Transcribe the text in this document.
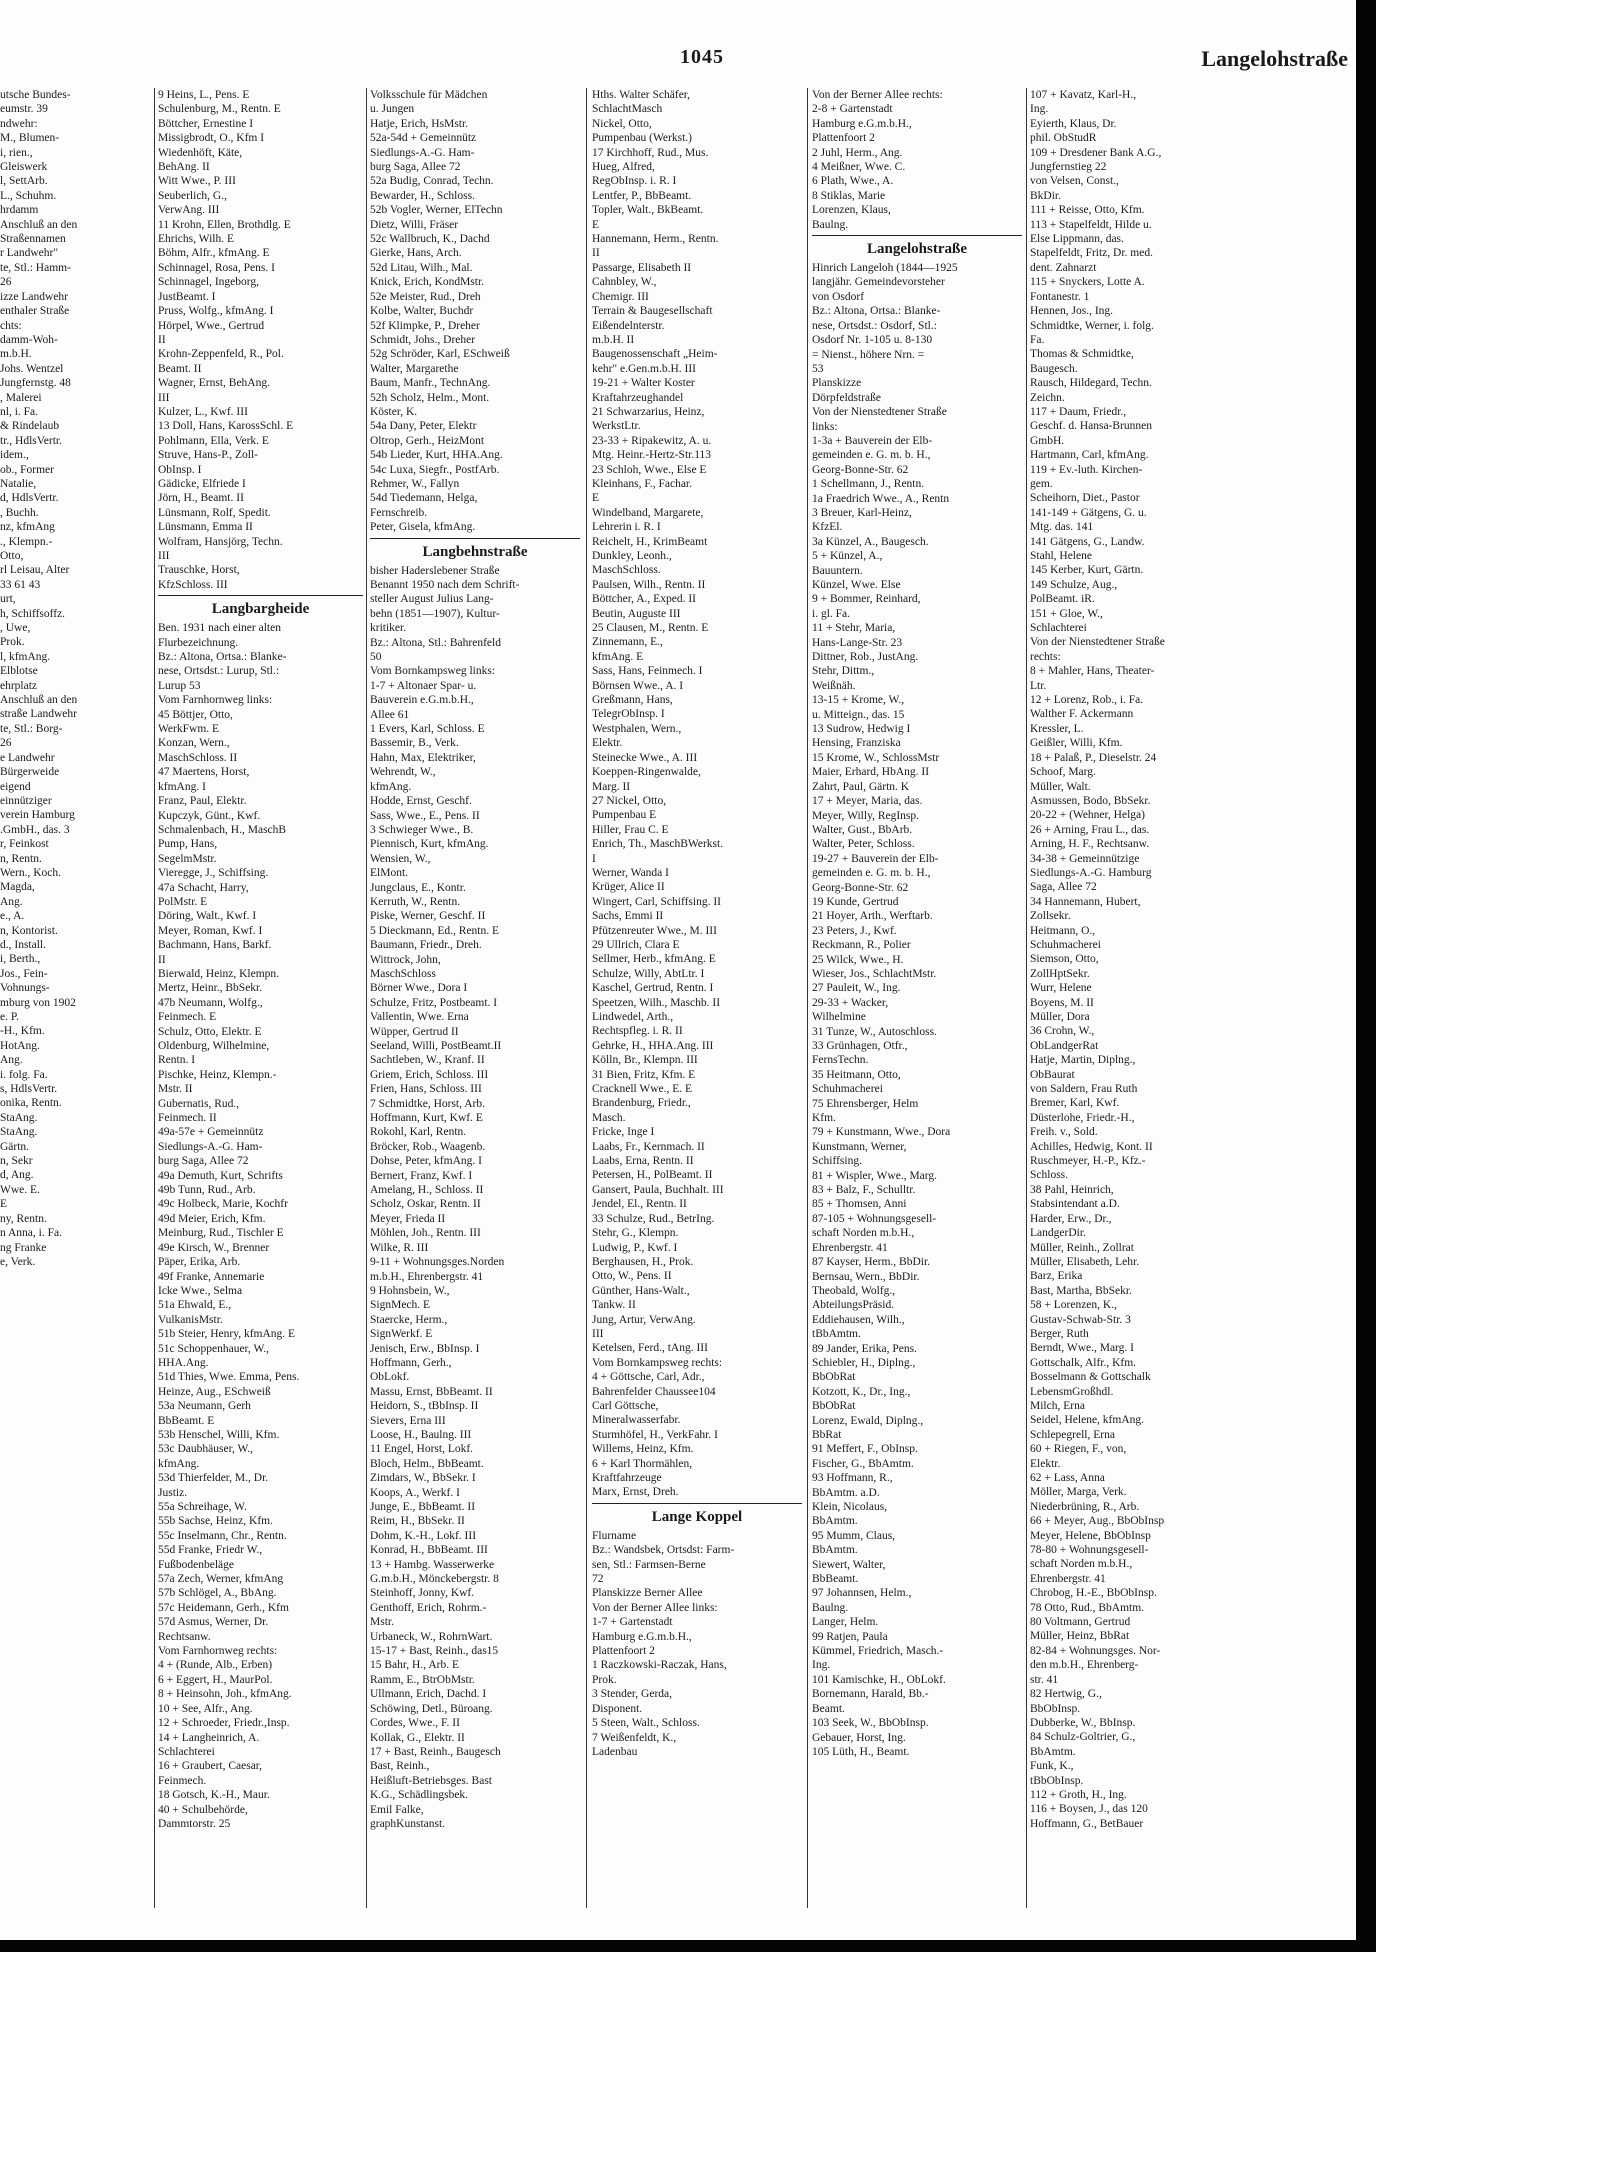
1045	Langelohstraße
utsche Bundes-
eumstr. 39
ndwehr:
M., Blumen-
i, rien.,
Gleiswerk
l, SettArb.
L., Schuhm.
hrdamm
Anschluß an den
Straßennamen
r Landwehr"
te, Stl.: Hamm-
26
izze Landwehr
enthaler Straße
chts:
damm-Woh-
m.b.H.
Johs. Wentzel
Jungfernstg. 48
, Malerei
nl, i. Fa.
& Rindelaub
tr., HdlsVertr.
idem.,
ob., Former
Natalie,
d, HdlsVertr.
, Buchh.
nz, kfmAng
., Klempn.-
Otto,
rl Leisau, Alter
33 61 43
urt,
h, Schiffsoffz.
, Uwe,
Prok.
l, kfmAng.
Elblotse
ehrplatz
Anschluß an den
straße Landwehr
te, Stl.: Borg-
26
e Landwehr
Bürgerweide
eigend
einnütziger
verein Hamburg
.GmbH., das. 3
r, Feinkost
n, Rentn.
Wern., Koch.
Magda,
Ang.
e., A.
n, Kontorist.
d., Install.
i, Berth.,
Jos., Fein-
Vohnungs-
mburg von 1902
e. P.
-H., Kfm.
HotAng.
Ang.
i. folg. Fa.
s, HdlsVertr.
onika, Rentn.
StaAng.
StaAng.
Gärtn.
n, Sekr
d, Ang.
Wwe. E.
E
ny, Rentn.
n Anna, i. Fa.
ng Franke
e, Verk.
9 Heins, L., Pens. E
Schulenburg, M., Rentn. E
Böttcher, Ernestine I
Missigbrodt, O., Kfm I
Wiedenhöft, Käte,
BehAng. II
Witt Wwe., P. III
Seuberlich, G.,
VerwAng. III
11 Krohn, Ellen, Brothdlg. E
Ehrichs, Wilh. E
Böhm, Alfr., kfmAng. E
Schinnagel, Rosa, Pens. I
Schinnagel, Ingeborg,
JustBeamt. I
Pruss, Wolfg., kfmAng. I
Hörpel, Wwe., Gertrud
II
Krohn-Zeppenfeld, R., Pol.
Beamt. II
Wagner, Ernst, BehAng.
III
Kulzer, L., Kwf. III
13 Doll, Hans, KarossSchl. E
Pohlmann, Ella, Verk. E
Struve, Hans-P., Zoll-
ObInsp. I
Gädicke, Elfriede I
Jörn, H., Beamt. II
Lünsmann, Rolf, Spedit.
Lünsmann, Emma II
Wolfram, Hansjörg, Techn.
III
Trauschke, Horst,
KfzSchloss. III
Langbargheide
Ben. 1931 nach einer alten
Flurbezeichnung.
Bz.: Altona, Ortsa.: Blanke-
nese, Ortsdst.: Lurup, Stl.:
Lurup 53
Vom Farnhornweg links:
45 Böttjer, Otto,
WerkFwm. E
Konzan, Wern.,
MaschSchloss. II
47 Maertens, Horst,
kfmAng. I
Franz, Paul, Elektr.
Kupczyk, Günt., Kwf.
Schmalenbach, H., MaschB
Pump, Hans,
SegelmMstr.
Vieregge, J., Schiffsing.
47a Schacht, Harry,
PolMstr. E
Döring, Walt., Kwf. I
Meyer, Roman, Kwf. I
Bachmann, Hans, Barkf.
II
Bierwald, Heinz, Klempn.
Mertz, Heinr., BbSekr.
47b Neumann, Wolfg.,
Feinmech. E
Schulz, Otto, Elektr. E
Oldenburg, Wilhelmine,
Rentn. I
Pischke, Heinz, Klempn.-
Mstr. II
Gubernatis, Rud.,
Feinmech. II
49a-57e + Gemeinnütz
Siedlungs-A.-G. Ham-
burg Saga, Allee 72
49a Demuth, Kurt, Schrifts
49b Tunn, Rud., Arb.
49c Holbeck, Marie, Kochfr
49d Meier, Erich, Kfm.
Meinburg, Rud., Tischler E
49e Kirsch, W., Brenner
Päper, Erika, Arb.
49f Franke, Annemarie
Icke Wwe., Selma
51a Ehwald, E.,
VulkanisMstr.
51b Steier, Henry, kfmAng. E
51c Schoppenhauer, W.,
HHA.Ang.
51d Thies, Wwe. Emma, Pens.
Heinze, Aug., ESchweiß
53a Neumann, Gerh
BbBeamt. E
53b Henschel, Willi, Kfm.
53c Daubhäuser, W.,
kfmAng.
53d Thierfelder, M., Dr.
Justiz.
55a Schreihage, W.
55b Sachse, Heinz, Kfm.
55c Inselmann, Chr., Rentn.
55d Franke, Friedr W.,
Fußbodenbeläge
57a Zech, Werner, kfmAng
57b Schlögel, A., BbAng.
57c Heidemann, Gerh., Kfm
57d Asmus, Werner, Dr.
Rechtsanw.
Vom Farnhornweg rechts:
4 + (Runde, Alb., Erben)
6 + Eggert, H., MaurPol.
8 + Heinsohn, Joh., kfmAng.
10 + See, Alfr., Ang.
12 + Schroeder, Friedr.,Insp.
14 + Langheinrich, A.
Schlachterei
16 + Graubert, Caesar,
Feinmech.
18 Gotsch, K.-H., Maur.
40 + Schulbehörde,
Dammtorstr. 25
Volksschule für Mädchen
u. Jungen
Hatje, Erich, HsMstr.
52a-54d + Gemeinnütz
Siedlungs-A.-G. Ham-
burg Saga, Allee 72
52a Budig, Conrad, Techn.
Bewarder, H., Schloss.
52b Vogler, Werner, ElTechn
Dietz, Willi, Fräser
52c Wallbruch, K., Dachd
Gierke, Hans, Arch.
52d Litau, Wilh., Mal.
Knick, Erich, KondMstr.
52e Meister, Rud., Dreh
Kolbe, Walter, Buchdr
52f Klimpke, P., Dreher
Schmidt, Johs., Dreher
52g Schröder, Karl, ESchweiß
Walter, Margarethe
Baum, Manfr., TechnAng.
52h Scholz, Helm., Mont.
Köster, K.
54a Dany, Peter, Elektr
Oltrop, Gerh., HeizMont
54b Lieder, Kurt, HHA.Ang.
54c Luxa, Siegfr., PostfArb.
Rehmer, W., Fallyn
54d Tiedemann, Helga,
Fernschreib.
Peter, Gisela, kfmAng.
Langbehnstraße
bisher Haderslebener Straße
Benannt 1950 nach dem Schrift-
steller August Julius Lang-
behn (1851—1907), Kultur-
kritiker.
Bz.: Altona, Stl.: Bahrenfeld
50
Vom Bornkampsweg links:
1-7 + Altonaer Spar- u.
Bauverein e.G.m.b.H.,
Allee 61
1 Evers, Karl, Schloss. E
Bassemir, B., Verk.
Hahn, Max, Elektriker,
Wehrendt, W.,
kfmAng.
Hodde, Ernst, Geschf.
Sass, Wwe., E., Pens. II
3 Schwieger Wwe., B.
Piennisch, Kurt, kfmAng.
Wensien, W.,
ElMont.
Jungclaus, E., Kontr.
Kerruth, W., Rentn.
Piske, Werner, Geschf. II
5 Dieckmann, Ed., Rentn. E
Baumann, Friedr., Dreh.
Wittrock, John,
MaschSchloss
Börner Wwe., Dora I
Schulze, Fritz, Postbeamt. I
Vallentin, Wwe. Erna
Wüpper, Gertrud II
Seeland, Willi, PostBeamt.II
Sachtleben, W., Kranf. II
Griem, Erich, Schloss. III
Frien, Hans, Schloss. III
7 Schmidtke, Horst, Arb.
Hoffmann, Kurt, Kwf. E
Rokohl, Karl, Rentn.
Bröcker, Rob., Waagenb.
Dohse, Peter, kfmAng. I
Bernert, Franz, Kwf. I
Amelang, H., Schloss. II
Scholz, Oskar, Rentn. II
Meyer, Frieda II
Möhlen, Joh., Rentn. III
Wilke, R. III
9-11 + Wohnungsges.Norden
m.b.H., Ehrenbergstr. 41
9 Hohnsbein, W.,
SignMech. E
Staercke, Herm.,
SignWerkf. E
Jenisch, Erw., BbInsp. I
Hoffmann, Gerh.,
ObLokf.
Massu, Ernst, BbBeamt. II
Heidorn, S., tBbInsp. II
Sievers, Erna III
Loose, H., Baulng. III
11 Engel, Horst, Lokf.
Bloch, Helm., BbBeamt.
Zimdars, W., BbSekr. I
Koops, A., Werkf. I
Junge, E., BbBeamt. II
Reim, H., BbSekr. II
Dohm, K.-H., Lokf. III
Konrad, H., BbBeamt. III
13 + Hambg. Wasserwerke
G.m.b.H., Mönckebergstr. 8
Steinhoff, Jonny, Kwf.
Genthoff, Erich, Rohrm.-
Mstr.
Urbaneck, W., RohrnWart.
15-17 + Bast, Reinh., das15
15 Bahr, H., Arb. E
Ramm, E., BtrObMstr.
Ullmann, Erich, Dachd. I
Schöwing, Detl., Büroang.
Cordes, Wwe., F. II
Kollak, G., Elektr. II
17 + Bast, Reinh., Baugesch
Bast, Reinh.,
Heißluft-Betriebsges. Bast
K.G., Schädlingsbek.
Emil Falke,
graphKunstanst.
Hths. Walter Schäfer,
SchlachtMasch
Nickel, Otto,
Pumpenbau (Werkst.)
17 Kirchhoff, Rud., Mus.
Hueg, Alfred,
RegObInsp. i. R. I
Lentfer, P., BbBeamt.
Topler, Walt., BkBeamt.
E
Hannemann, Herm., Rentn.
II
Passarge, Elisabeth II
Cahnbley, W.,
Chemigr. III
Terrain & Baugesellschaft
Eißendelnterstr.
m.b.H. II
Baugenossenschaft „Heim-
kehr" e.Gen.m.b.H. III
19-21 + Walter Koster
Kraftahrzeughandel
21 Schwarzarius, Heinz,
WerkstLtr.
23-33 + Ripakewitz, A. u.
Mtg. Heinr.-Hertz-Str.113
23 Schloh, Wwe., Else E
Kleinhans, F., Fachar.
E
Windelband, Margarete,
Lehrerin i. R. I
Reichelt, H., KrimBeamt
Dunkley, Leonh.,
MaschSchloss.
Paulsen, Wilh., Rentn. II
Böttcher, A., Exped. II
Beutin, Auguste III
25 Clausen, M., Rentn. E
Zinnemann, E.,
kfmAng. E
Sass, Hans, Feinmech. I
Börnsen Wwe., A. I
Greßmann, Hans,
TelegrObInsp. I
Westphalen, Wern.,
Elektr.
Steinecke Wwe., A. III
Koeppen-Ringenwalde,
Marg. II
27 Nickel, Otto,
Pumpenbau E
Hiller, Frau C. E
Enrich, Th., MaschBWerkst.
I
Werner, Wanda I
Krüger, Alice II
Wingert, Carl, Schiffsing. II
Sachs, Emmi II
Pfützenreuter Wwe., M. III
29 Ullrich, Clara E
Sellmer, Herb., kfmAng. E
Schulze, Willy, AbtLtr. I
Kaschel, Gertrud, Rentn. I
Speetzen, Wilh., Maschb. II
Lindwedel, Arth.,
Rechtspfleg. i. R. II
Gehrke, H., HHA.Ang. III
Kölln, Br., Klempn. III
31 Bien, Fritz, Kfm. E
Cracknell Wwe., E. E
Brandenburg, Friedr.,
Masch.
Fricke, Inge I
Laabs, Fr., Kernmach. II
Laabs, Erna, Rentn. II
Petersen, H., PolBeamt. II
Gansert, Paula, Buchhalt. III
Jendel, El., Rentn. II
33 Schulze, Rud., BetrIng.
Stehr, G., Klempn.
Ludwig, P., Kwf. I
Berghausen, H., Prok.
Otto, W., Pens. II
Günther, Hans-Walt.,
Tankw. II
Jung, Artur, VerwAng.
III
Ketelsen, Ferd., tAng. III
Vom Bornkampsweg rechts:
4 + Göttsche, Carl, Adr.,
Bahrenfelder Chaussee104
Carl Göttsche,
Mineralwasserfabr.
Sturmhöfel, H., VerkFahr. I
Willems, Heinz, Kfm.
6 + Karl Thormählen,
Kraftfahrzeuge
Marx, Ernst, Dreh.
Lange Koppel
Flurname
Bz.: Wandsbek, Ortsdst: Farm-
sen, Stl.: Farmsen-Berne
72
Planskizze Berner Allee
Von der Berner Allee links:
1-7 + Gartenstadt
Hamburg e.G.m.b.H.,
Plattenfoort 2
1 Raczkowski-Raczak, Hans,
Prok.
3 Stender, Gerda,
Disponent.
5 Steen, Walt., Schloss.
7 Weißenfeldt, K.,
Ladenbau
Von der Berner Allee rechts:
2-8 + Gartenstadt
Hamburg e.G.m.b.H.,
Plattenfoort 2
2 Juhl, Herm., Ang.
4 Meißner, Wwe. C.
6 Plath, Wwe., A.
8 Stiklas, Marie
Lorenzen, Klaus,
Baulng.
Langelohstraße
Hinrich Langeloh (1844—1925
langjähr. Gemeindevorsteher
von Osdorf
Bz.: Altona, Ortsa.: Blanke-
nese, Ortsdst.: Osdorf, Stl.:
Osdorf Nr. 1-105 u. 8-130
= Nienst., höhere Nrn. =
53
Planskizze
Dörpfeldstraße
Von der Nienstedtener Straße
links:
1-3a + Bauverein der Elb-
gemeinden e. G. m. b. H.,
Georg-Bonne-Str. 62
1 Schellmann, J., Rentn.
1a Fraedrich Wwe., A., Rentn
3 Breuer, Karl-Heinz,
KfzEl.
3a Künzel, A., Baugesch.
5 + Künzel, A.,
Bauuntern.
Künzel, Wwe. Else
9 + Bommer, Reinhard,
i. gl. Fa.
11 + Stehr, Maria,
Hans-Lange-Str. 23
Dittner, Rob., JustAng.
Stehr, Dittm.,
Weißnäh.
13-15 + Krome, W.,
u. Mitteign., das. 15
13 Sudrow, Hedwig I
Hensing, Franziska
15 Krome, W., SchlossMstr
Maier, Erhard, HbAng. II
Zahrt, Paul, Gärtn. K
17 + Meyer, Maria, das.
Meyer, Willy, RegInsp.
Walter, Gust., BbArb.
Walter, Peter, Schloss.
19-27 + Bauverein der Elb-
gemeinden e. G. m. b. H.,
Georg-Bonne-Str. 62
19 Kunde, Gertrud
21 Hoyer, Arth., Werftarb.
23 Peters, J., Kwf.
Reckmann, R., Polier
25 Wilck, Wwe., H.
Wieser, Jos., SchlachtMstr.
27 Pauleit, W., Ing.
29-33 + Wacker,
Wilhelmine
31 Tunze, W., Autoschloss.
33 Grünhagen, Otfr.,
FernsTechn.
35 Heitmann, Otto,
Schuhmacherei
75 Ehrensberger, Helm
Kfm.
79 + Kunstmann, Wwe., Dora
Kunstmann, Werner,
Schiffsing.
81 + Wispler, Wwe., Marg.
83 + Balz, F., Schulltr.
85 + Thomsen, Anni
87-105 + Wohnungsgesell-
schaft Norden m.b.H.,
Ehrenbergstr. 41
87 Kayser, Herm., BbDir.
Bernsau, Wern., BbDir.
Theobald, Wolfg.,
AbteilungsPräsid.
Eddiehausen, Wilh.,
tBbAmtm.
89 Jander, Erika, Pens.
Schiebler, H., Diplng.,
BbObRat
Kotzott, K., Dr., Ing.,
BbObRat
Lorenz, Ewald, Diplng.,
BbRat
91 Meffert, F., ObInsp.
Fischer, G., BbAmtm.
93 Hoffmann, R.,
BbAmtm. a.D.
Klein, Nicolaus,
BbAmtm.
95 Mumm, Claus,
BbAmtm.
Siewert, Walter,
BbBeamt.
97 Johannsen, Helm.,
Baulng.
Langer, Helm.
99 Ratjen, Paula
Kümmel, Friedrich, Masch.-
Ing.
101 Kamischke, H., ObLokf.
Bornemann, Harald, Bb.-
Beamt.
103 Seek, W., BbObInsp.
Gebauer, Horst, Ing.
105 Lüth, H., Beamt.
107 + Kavatz, Karl-H.,
Ing.
Eyierth, Klaus, Dr.
phil. ObStudR
109 + Dresdener Bank A.G.,
Jungfernstieg 22
von Velsen, Const.,
BkDir.
111 + Reisse, Otto, Kfm.
113 + Stapelfeldt, Hilde u.
Else Lippmann, das.
Stapelfeldt, Fritz, Dr. med.
dent. Zahnarzt
115 + Snyckers, Lotte A.
Fontanestr. 1
Hennen, Jos., Ing.
Schmidtke, Werner, i. folg.
Fa.
Thomas & Schmidtke,
Baugesch.
Rausch, Hildegard, Techn.
Zeichn.
117 + Daum, Friedr.,
Geschf. d. Hansa-Brunnen
GmbH.
Hartmann, Carl, kfmAng.
119 + Ev.-luth. Kirchen-
gem.
Scheihorn, Diet., Pastor
141-149 + Gätgens, G. u.
Mtg. das. 141
141 Gätgens, G., Landw.
Stahl, Helene
145 Kerber, Kurt, Gärtn.
149 Schulze, Aug.,
PolBeamt. iR.
151 + Gloe, W.,
Schlachterei
Von der Nienstedtener Straße
rechts:
8 + Mahler, Hans, Theater-
Ltr.
12 + Lorenz, Rob., i. Fa.
Walther F. Ackermann
Kressler, L.
Geißler, Willi, Kfm.
18 + Palaß, P., Dieselstr. 24
Schoof, Marg.
Müller, Walt.
Asmussen, Bodo, BbSekr.
20-22 + (Wehner, Helga)
26 + Arning, Frau L., das.
Arning, H. F., Rechtsanw.
34-38 + Gemeinnützige
Siedlungs-A.-G. Hamburg
Saga, Allee 72
34 Hannemann, Hubert,
Zollsekr.
Heitmann, O.,
Schuhmacherei
Siemson, Otto,
ZollHptSekr.
Wurr, Helene
Boyens, M. II
Müller, Dora
36 Crohn, W.,
ObLandgerRat
Hatje, Martin, Diplng.,
ObBaurat
von Saldern, Frau Ruth
Bremer, Karl, Kwf.
Düsterlohe, Friedr.-H.,
Freih. v., Sold.
Achilles, Hedwig, Kont. II
Ruschmeyer, H.-P., Kfz.-
Schloss.
38 Pahl, Heinrich,
Stabsintendant a.D.
Harder, Erw., Dr.,
LandgerDir.
Müller, Reinh., Zollrat
Müller, Elisabeth, Lehr.
Barz, Erika
Bast, Martha, BbSekr.
58 + Lorenzen, K.,
Gustav-Schwab-Str. 3
Berger, Ruth
Berndt, Wwe., Marg. I
Gottschalk, Alfr., Kfm.
Bosselmann & Gottschalk
LebensmGroßhdl.
Milch, Erna
Seidel, Helene, kfmAng.
Schlepegrell, Erna
60 + Riegen, F., von,
Elektr.
62 + Lass, Anna
Möller, Marga, Verk.
Niederbrüning, R., Arb.
66 + Meyer, Aug., BbObInsp
Meyer, Helene, BbObInsp
78-80 + Wohnungsgesell-
schaft Norden m.b.H.,
Ehrenbergstr. 41
Chrobog, H.-E., BbObInsp.
78 Otto, Rud., BbAmtm.
80 Voltmann, Gertrud
Müller, Heinz, BbRat
82-84 + Wohnungsges. Nor-
den m.b.H., Ehrenberg-
str. 41
82 Hertwig, G.,
BbObInsp.
Dubberke, W., BbInsp.
84 Schulz-Goltrier, G.,
BbAmtm.
Funk, K.,
tBbObInsp.
112 + Groth, H., Ing.
116 + Boysen, J., das 120
Hoffmann, G., BetBauer
